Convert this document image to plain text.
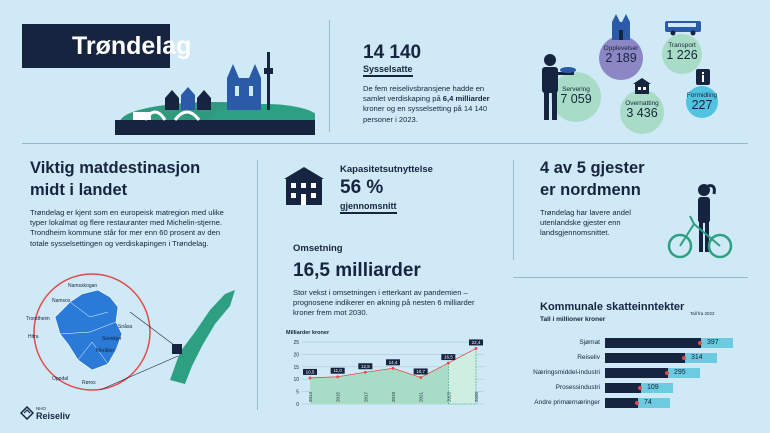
Trøndelag	14 140
Sysselsatte
De fem reiselivsbransjene hadde en samlet verdiskaping på 6,4 milliarder kroner og en sysselsetting på 14 140 personer i 2023.
Opplevelser
2 189
Transport
1 226
Servering
7 059	Overnatting
3 436
Formidling
227
Viktig matdestinasjon
midt i landet
Trøndelag er kjent som en europeisk matregion med ulike typer lokalmat og flere restauranter med Michelin-stjerne. Trondheim kommune står for mer enn 60 prosent av den totale sysselsettingen og verdiskapingen i Trøndelag.
Namsskogan
Namsos
Trondheim
Snåsa
Hitra	Steinkjer
Meråker
Oppdal
Røros
Kapasitetsutnyttelse
56 %
gjennomsnitt
Omsetning
16,5 milliarder
Stor vekst i omsetningen i etterkant av pandemien – prognosene indikerer en økning på nesten 6 milliarder kroner frem mot 2030.
Milliarder kroner
0
5
10
15
20
25
10,5
2013
11,0
2015
12,8
2017
14,4
2019
10,7
2021
16,5
2023
22,4
2030
4 av 5 gjester
er nordmenn
Trøndelag har lavere andel utenlandske gjester enn landsgjennomsnittet.
Kommunale skatteinntekter
Tall i millioner kroner
Tall fra 2022
Sjømat	397
Reiseliv	314
Næringsmiddel-industri	295
Prosessindustri	109
Andre primærnæringer	74
NHO
Reiseliv
